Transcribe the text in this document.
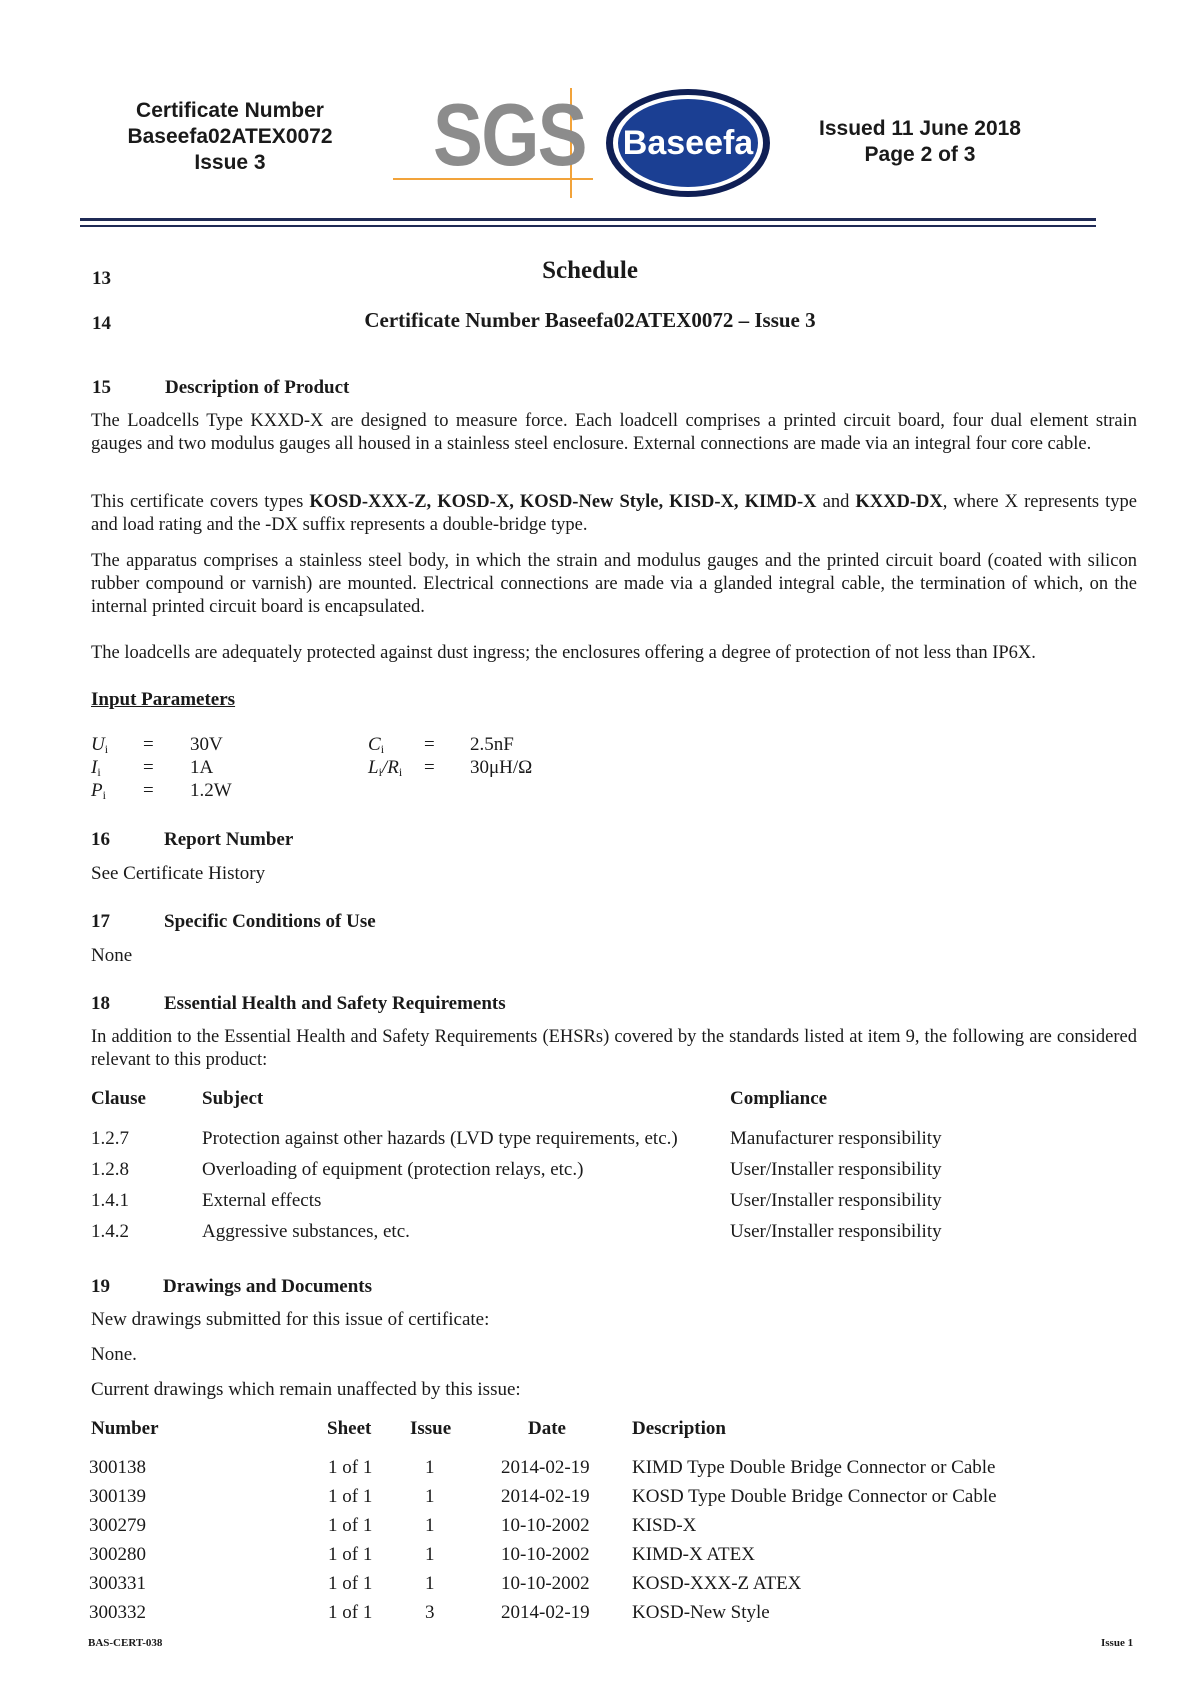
Certificate Number
Baseefa02ATEX0072
Issue 3	SGS Baseefa	Issued 11 June 2018
Page 2 of 3
13	Schedule
14	Certificate Number Baseefa02ATEX0072 – Issue 3
15	Description of Product
The Loadcells Type KXXD-X are designed to measure force. Each loadcell comprises a printed circuit board, four dual element strain gauges and two modulus gauges all housed in a stainless steel enclosure. External connections are made via an integral four core cable.
This certificate covers types KOSD-XXX-Z, KOSD-X, KOSD-New Style, KISD-X, KIMD-X and KXXD-DX, where X represents type and load rating and the -DX suffix represents a double-bridge type.
The apparatus comprises a stainless steel body, in which the strain and modulus gauges and the printed circuit board (coated with silicon rubber compound or varnish) are mounted. Electrical connections are made via a glanded integral cable, the termination of which, on the internal printed circuit board is encapsulated.
The loadcells are adequately protected against dust ingress; the enclosures offering a degree of protection of not less than IP6X.
Input Parameters
$U_i = 30V$
$I_i = 1A$
$P_i = 1.2W$
$C_i = 2.5nF$
$L_i/R_i = 30\mu H/\Omega$
16	Report Number
See Certificate History
17	Specific Conditions of Use
None
18	Essential Health and Safety Requirements
In addition to the Essential Health and Safety Requirements (EHSRs) covered by the standards listed at item 9, the following are considered relevant to this product:
Clause	Subject	Compliance
1.2.7	Protection against other hazards (LVD type requirements, etc.)	Manufacturer responsibility
1.2.8	Overloading of equipment (protection relays, etc.)	User/Installer responsibility
1.4.1	External effects	User/Installer responsibility
1.4.2	Aggressive substances, etc.	User/Installer responsibility
19	Drawings and Documents
New drawings submitted for this issue of certificate:
None.
Current drawings which remain unaffected by this issue:
Number	Sheet Issue	Date	Description
300138	1 of 1	1	2014-02-19 KIMD Type Double Bridge Connector or Cable
300139	1 of 1	1	2014-02-19 KOSD Type Double Bridge Connector or Cable
300279	1 of 1	1	10-10-2002 KISD-X
300280	1 of 1	1	10-10-2002 KIMD-X ATEX
300331	1 of 1	1	10-10-2002 KOSD-XXX-Z ATEX
300332	1 of 1	3	2014-02-19 KOSD-New Style
BAS-CERT-038	Issue 1
